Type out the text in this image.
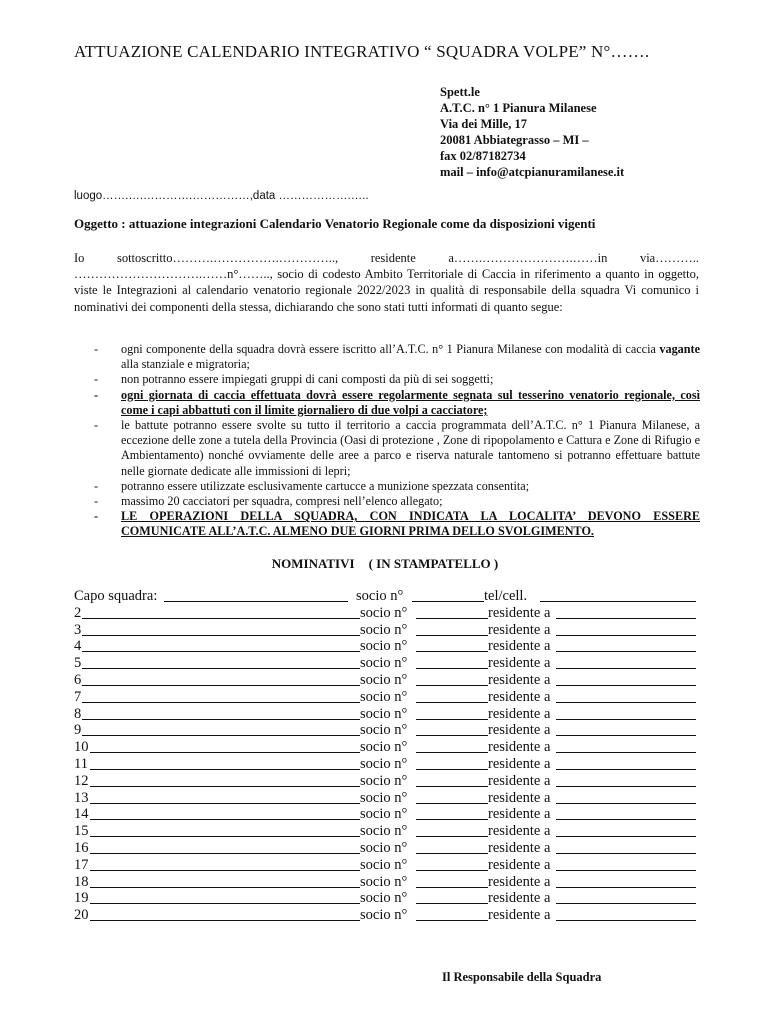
ATTUAZIONE CALENDARIO INTEGRATIVO “ SQUADRA VOLPE” N°…….
Spett.le
A.T.C. n° 1 Pianura Milanese
Via dei Mille, 17
20081 Abbiategrasso – MI –
fax 02/87182734
mail – info@atcpianuramilanese.it
luogo…….….………….……………,data ……………….…..
Oggetto : attuazione integrazioni Calendario Venatorio Regionale come da disposizioni vigenti

Io sottoscritto……….…………….………….., residente a…….………………….……in via……….. ………………………….……n°…….., socio di codesto Ambito Territoriale di Caccia in riferimento a quanto in oggetto, viste le Integrazioni al calendario venatorio regionale 2022/2023 in qualità di responsabile della squadra Vi comunico i nominativi dei componenti della stessa, dichiarando che sono stati tutti informati di quanto segue:

- ogni componente della squadra dovrà essere iscritto all’A.T.C. n° 1 Pianura Milanese con modalità di caccia vagante alla stanziale e migratoria;
- non potranno essere impiegati gruppi di cani composti da più di sei soggetti;
- ogni giornata di caccia effettuata dovrà essere regolarmente segnata sul tesserino venatorio regionale, così come i capi abbattuti con il limite giornaliero di due volpi a cacciatore;
- le battute potranno essere svolte su tutto il territorio a caccia programmata dell’A.T.C. n° 1 Pianura Milanese, a eccezione delle zone a tutela della Provincia (Oasi di protezione , Zone di ripopolamento e Cattura e Zone di Rifugio e Ambientamento) nonché ovviamente delle aree a parco e riserva naturale tantomeno si potranno effettuare battute nelle giornate dedicate alle immissioni di lepri;
- potranno essere utilizzate esclusivamente cartucce a munizione spezzata consentita;
- massimo 20 cacciatori per squadra, compresi nell’elenco allegato;
- LE OPERAZIONI DELLA SQUADRA, CON INDICATA LA LOCALITA’ DEVONO ESSERE COMUNICATE ALL’A.T.C. ALMENO DUE GIORNI PRIMA DELLO SVOLGIMENTO.
NOMINATIVI ( IN STAMPATELLO )
Capo squadra:	socio n°	tel/cell.
2	socio n°	residente a
3	socio n°	residente a
4	socio n°	residente a
5	socio n°	residente a
6	socio n°	residente a
7	socio n°	residente a
8	socio n°	residente a
9	socio n°	residente a
10	socio n°	residente a
11	socio n°	residente a
12	socio n°	residente a
13	socio n°	residente a
14	socio n°	residente a
15	socio n°	residente a
16	socio n°	residente a
17	socio n°	residente a
18	socio n°	residente a
19	socio n°	residente a
20	socio n°	residente a
Il Responsabile della Squadra
